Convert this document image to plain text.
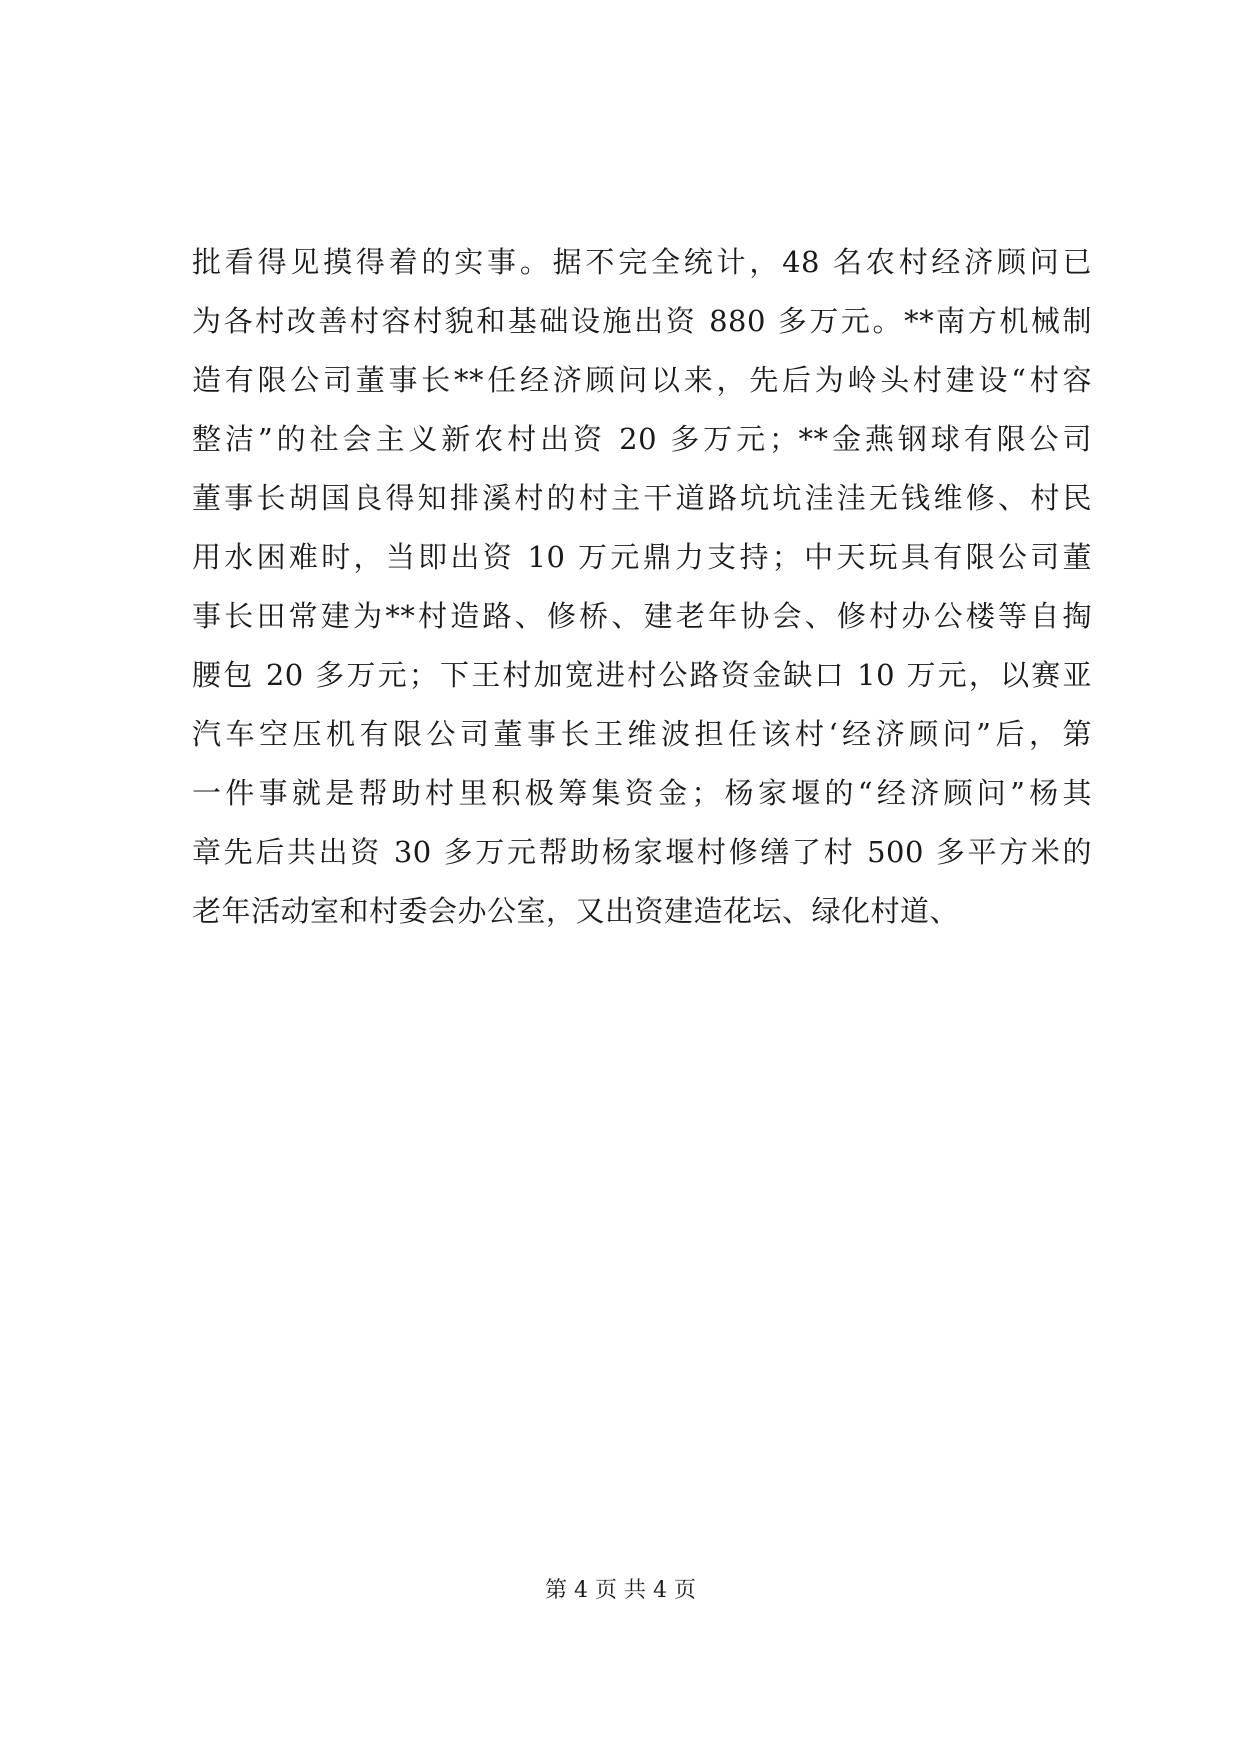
批看得见摸得着的实事。据不完全统计，48 名农村经济顾问已
为各村改善村容村貌和基础设施出资 880 多万元。**南方机械制
造有限公司董事长**任经济顾问以来，先后为岭头村建设“村容
整洁”的社会主义新农村出资 20 多万元；**金燕钢球有限公司
董事长胡国良得知排溪村的村主干道路坑坑洼洼无钱维修、村民
用水困难时，当即出资 10 万元鼎力支持；中天玩具有限公司董
事长田常建为**村造路、修桥、建老年协会、修村办公楼等自掏
腰包 20 多万元；下王村加宽进村公路资金缺口 10 万元，以赛亚
汽车空压机有限公司董事长王维波担任该村‘经济顾问”后，第
一件事就是帮助村里积极筹集资金；杨家堰的“经济顾问”杨其
章先后共出资 30 多万元帮助杨家堰村修缮了村 500 多平方米的
老年活动室和村委会办公室，又出资建造花坛、绿化村道、
第 4 页 共 4 页
